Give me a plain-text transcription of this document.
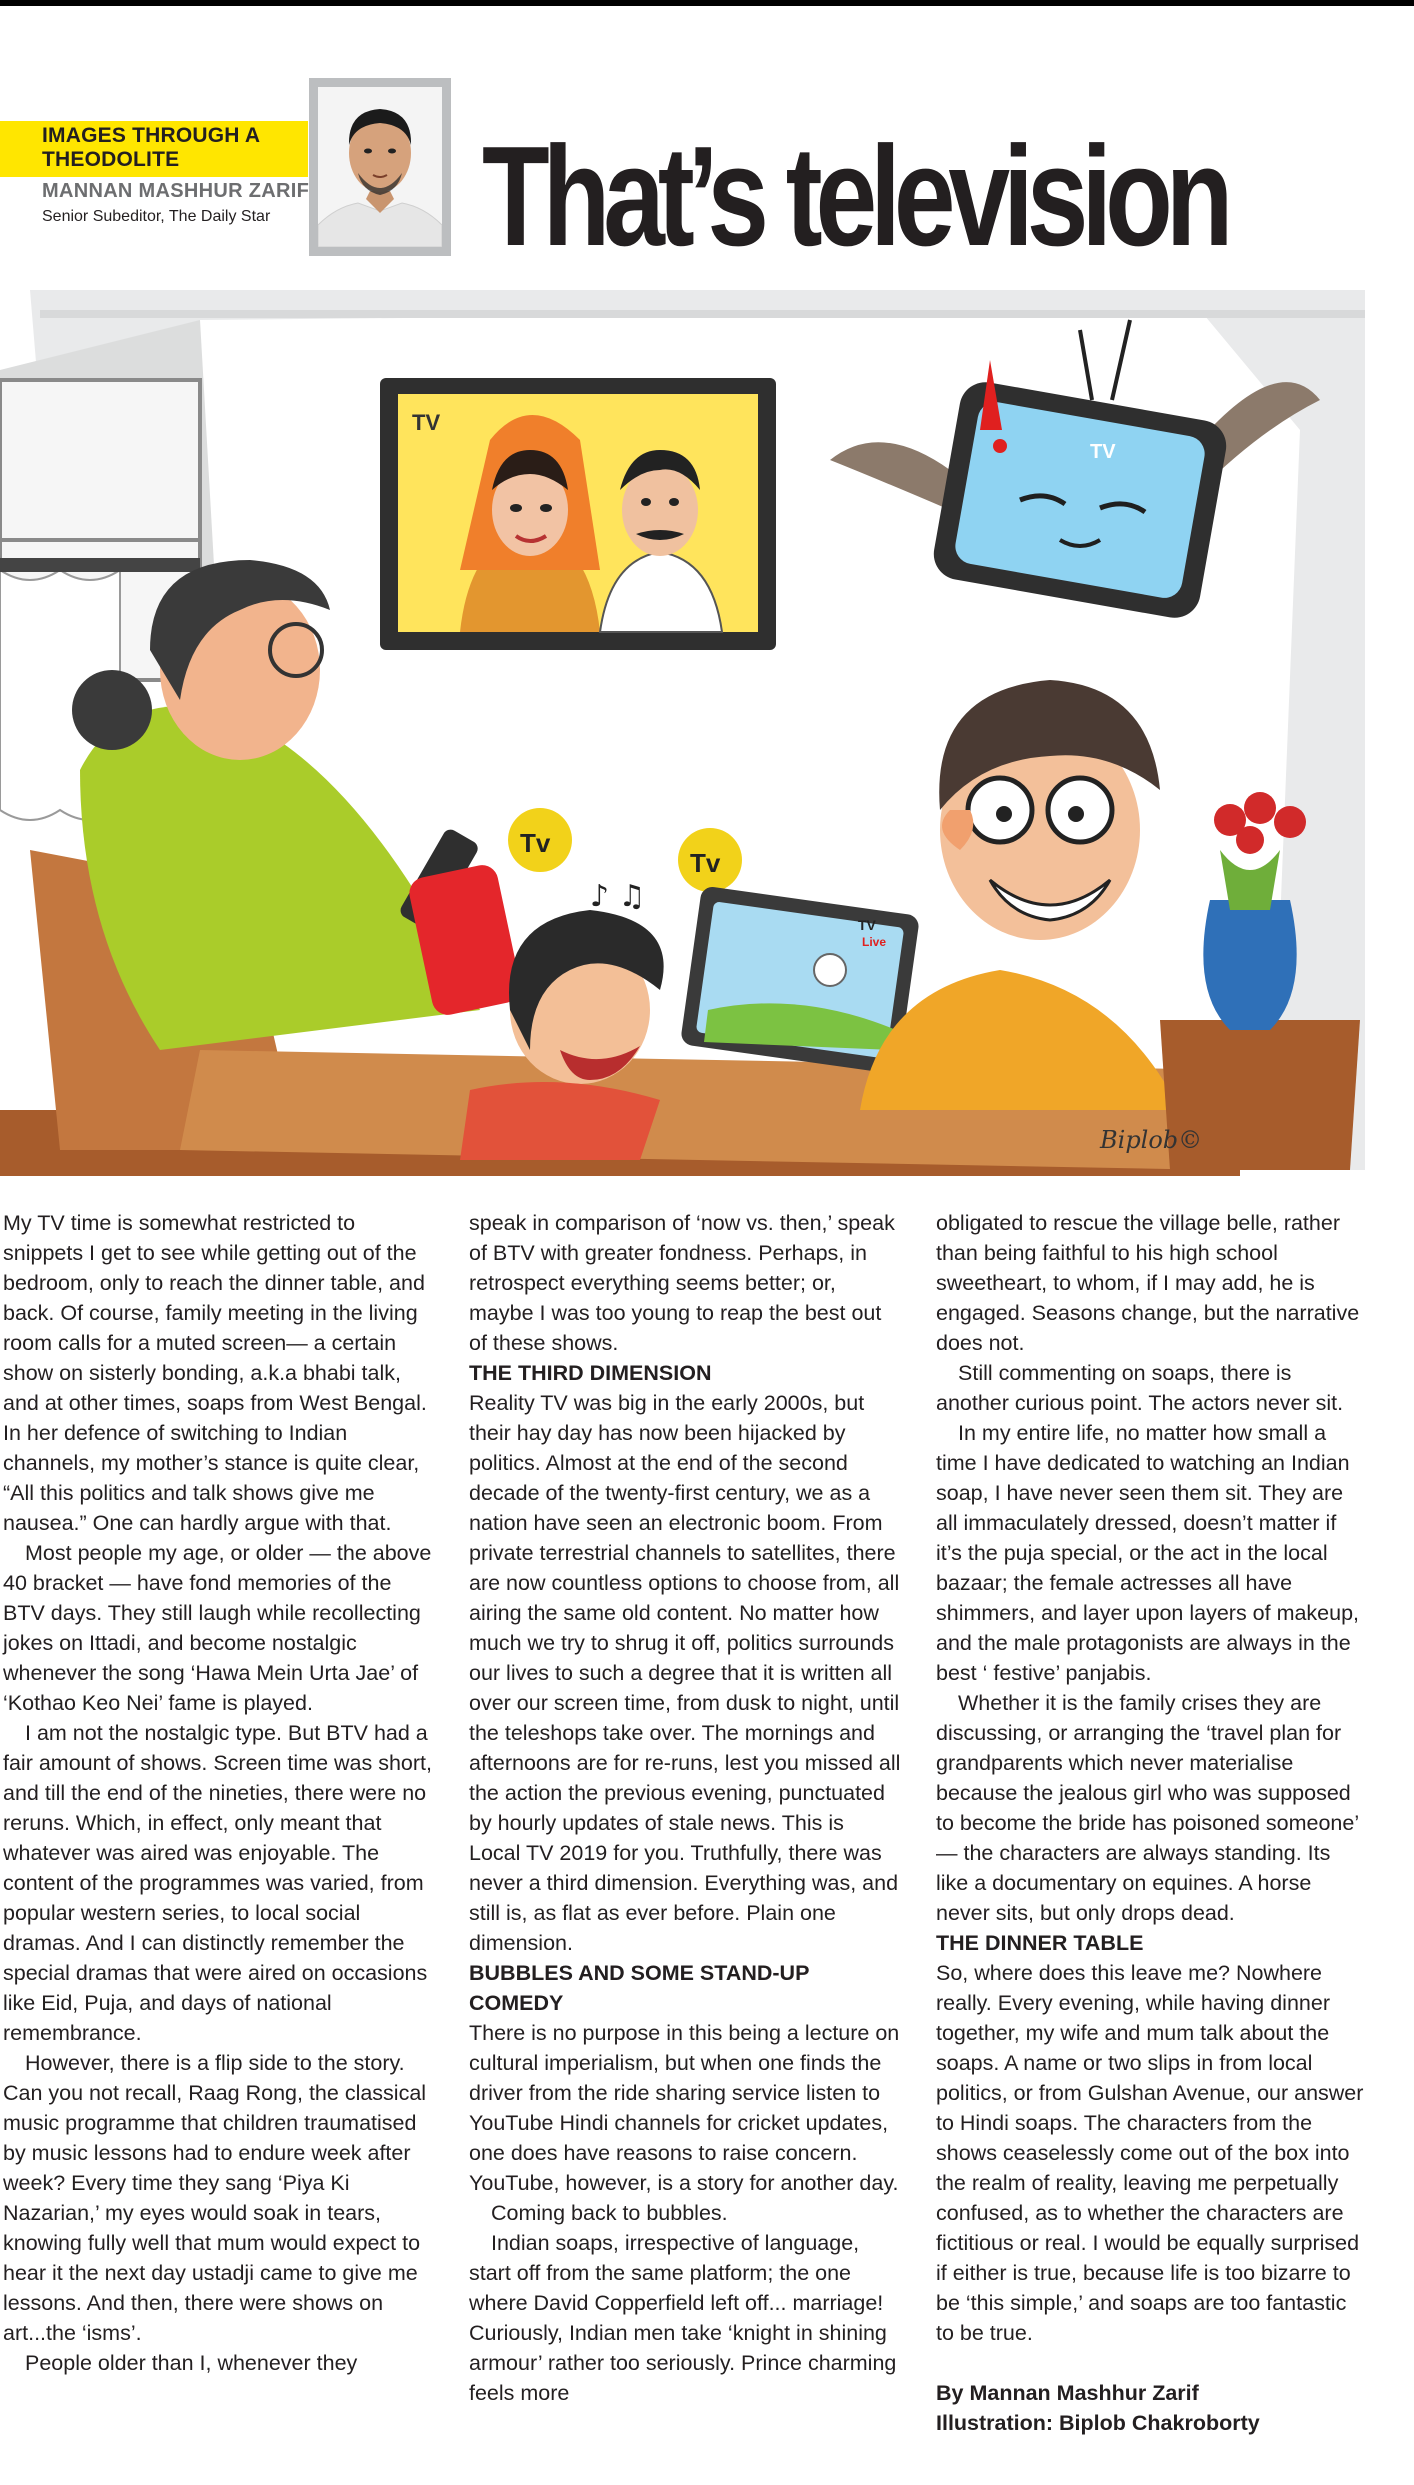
IMAGES THROUGH A THEODOLITE
MANNAN MASHHUR ZARIF
Senior Subeditor, The Daily Star That’s television
TV
TV
Tv
Tv
♪ ♫
TV
Live
Biplob©

My TV time is somewhat restricted to snippets I get to see while getting out of the bedroom, only to reach the dinner table, and back. Of course, family meeting in the living room calls for a muted screen— a certain show on sisterly bonding, a.k.a bhabi talk, and at other times, soaps from West Bengal. In her defence of switching to Indian channels, my mother’s stance is quite clear, “All this politics and talk shows give me nausea.” One can hardly argue with that.

Most people my age, or older — the above 40 bracket — have fond memories of the BTV days. They still laugh while recollecting jokes on Ittadi, and become nostalgic whenever the song ‘Hawa Mein Urta Jae’ of ‘Kothao Keo Nei’ fame is played.

I am not the nostalgic type. But BTV had a fair amount of shows. Screen time was short, and till the end of the nineties, there were no reruns. Which, in effect, only meant that whatever was aired was enjoyable. The content of the programmes was varied, from popular western series, to local social dramas. And I can distinctly remember the special dramas that were aired on occasions like Eid, Puja, and days of national remembrance.

However, there is a flip side to the story. Can you not recall, Raag Rong, the classical music programme that children traumatised by music lessons had to endure week after week? Every time they sang ‘Piya Ki Nazarian,’ my eyes would soak in tears, knowing fully well that mum would expect to hear it the next day ustadji came to give me lessons. And then, there were shows on art...the ‘isms’.

People older than I, whenever they

speak in comparison of ‘now vs. then,’ speak of BTV with greater fondness. Perhaps, in retrospect everything seems better; or, maybe I was too young to reap the best out of these shows.

THE THIRD DIMENSION

Reality TV was big in the early 2000s, but their hay day has now been hijacked by politics. Almost at the end of the second decade of the twenty-first century, we as a nation have seen an electronic boom. From private terrestrial channels to satellites, there are now countless options to choose from, all airing the same old content. No matter how much we try to shrug it off, politics surrounds our lives to such a degree that it is written all over our screen time, from dusk to night, until the teleshops take over. The mornings and afternoons are for re-runs, lest you missed all the action the previous evening, punctuated by hourly updates of stale news. This is Local TV 2019 for you. Truthfully, there was never a third dimension. Everything was, and still is, as flat as ever before. Plain one dimension.

BUBBLES AND SOME STAND-UP COMEDY

There is no purpose in this being a lecture on cultural imperialism, but when one finds the driver from the ride sharing service listen to YouTube Hindi channels for cricket updates, one does have reasons to raise concern. YouTube, however, is a story for another day.

Coming back to bubbles.

Indian soaps, irrespective of language, start off from the same platform; the one where David Copperfield left off... marriage! Curiously, Indian men take ‘knight in shining armour’ rather too seriously. Prince charming feels more

obligated to rescue the village belle, rather than being faithful to his high school sweetheart, to whom, if I may add, he is engaged. Seasons change, but the narrative does not.

Still commenting on soaps, there is another curious point. The actors never sit.

In my entire life, no matter how small a time I have dedicated to watching an Indian soap, I have never seen them sit. They are all immaculately dressed, doesn’t matter if it’s the puja special, or the act in the local bazaar; the female actresses all have shimmers, and layer upon layers of makeup, and the male protagonists are always in the best ‘ festive’ panjabis.

Whether it is the family crises they are discussing, or arranging the ‘travel plan for grandparents which never materialise because the jealous girl who was supposed to become the bride has poisoned someone’ — the characters are always standing. Its like a documentary on equines. A horse never sits, but only drops dead.

THE DINNER TABLE

So, where does this leave me? Nowhere really. Every evening, while having dinner together, my wife and mum talk about the soaps. A name or two slips in from local politics, or from Gulshan Avenue, our answer to Hindi soaps. The characters from the shows ceaselessly come out of the box into the realm of reality, leaving me perpetually confused, as to whether the characters are fictitious or real. I would be equally surprised if either is true, because life is too bizarre to be ‘this simple,’ and soaps are too fantastic to be true.

By Mannan Mashhur Zarif

Illustration: Biplob Chakroborty
